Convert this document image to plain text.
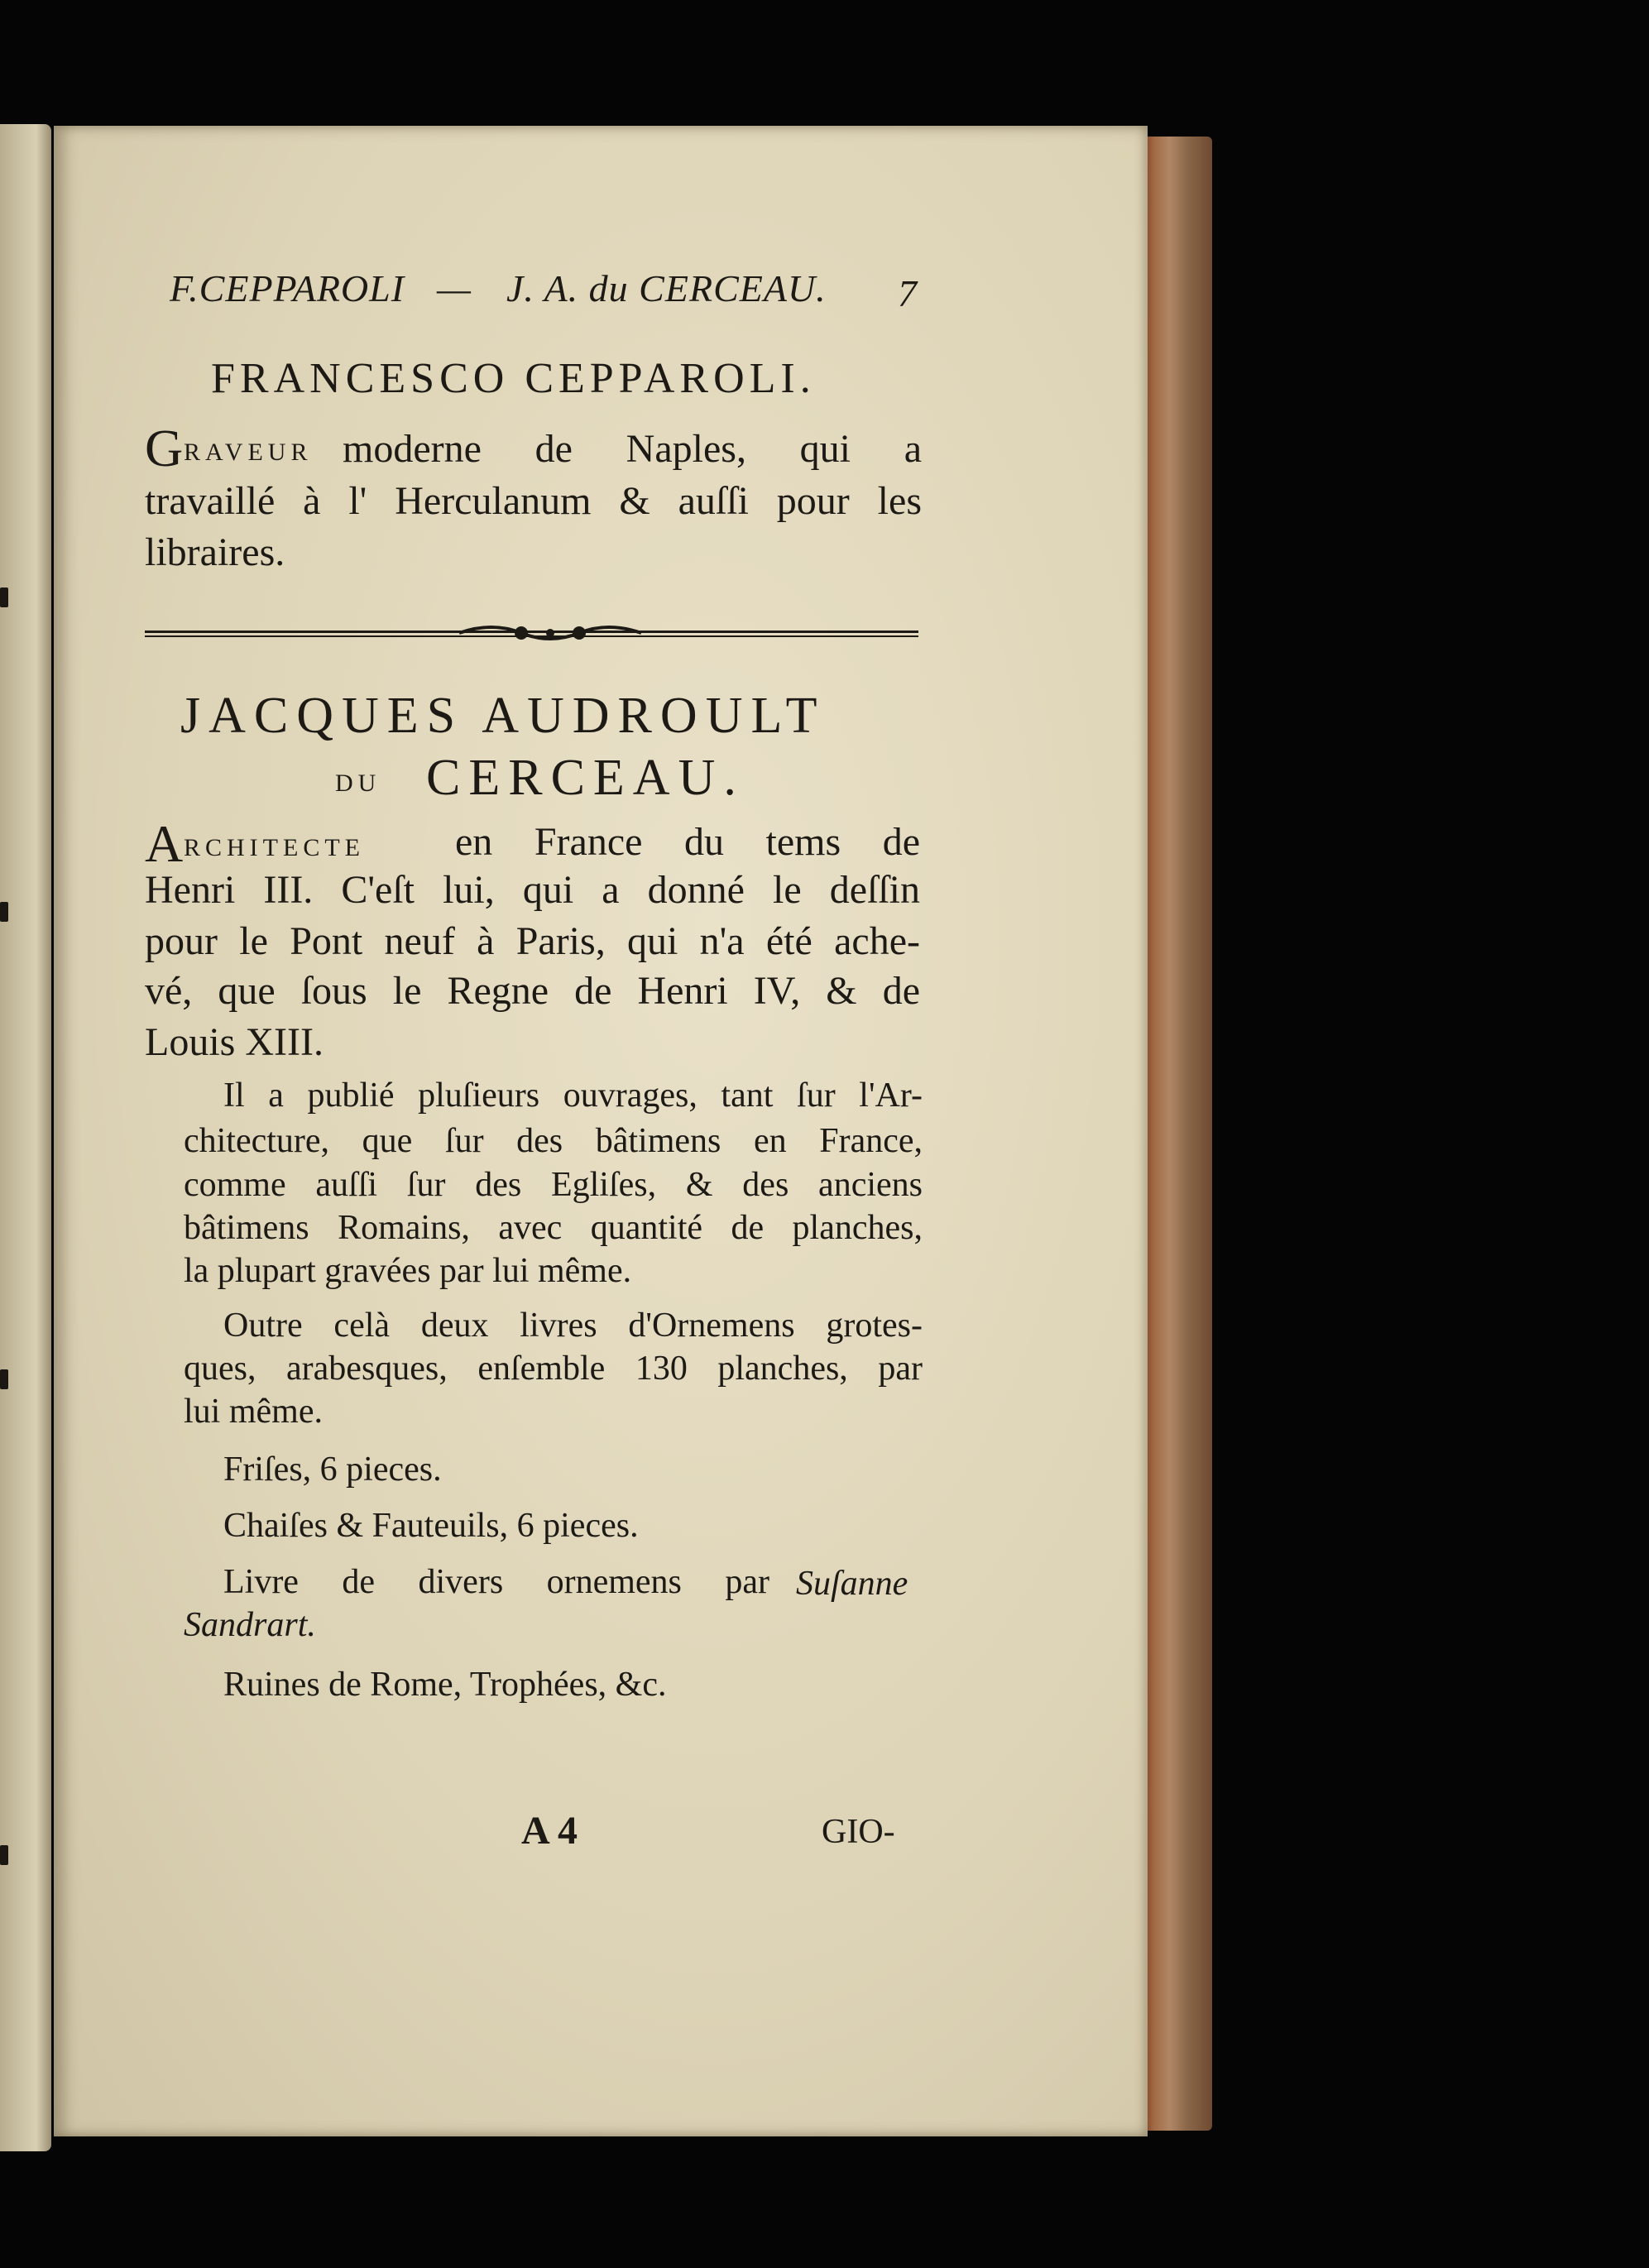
F.CEPPAROLI — J. A. du CERCEAU. 7
FRANCESCO CEPPAROLI.
G RAVEUR moderne de Naples, qui a
travaillé à l' Herculanum & auſſi pour les
libraires.
JACQUES AUDROULT
DU CERCEAU.
A RCHITECTE en France du tems de
Henri III. C'eſt lui, qui a donné le deſſin
pour le Pont neuf à Paris, qui n'a été ache-
vé, que ſous le Regne de Henri IV, & de
Louis XIII.
Il a publié pluſieurs ouvrages, tant ſur l'Ar-
chitecture, que ſur des bâtimens en France,
comme auſſi ſur des Egliſes, & des anciens
bâtimens Romains, avec quantité de planches,
la plupart gravées par lui même.
Outre celà deux livres d'Ornemens grotes-
ques, arabesques, enſemble 130 planches, par
lui même.
Friſes, 6 pieces.
Chaiſes & Fauteuils, 6 pieces.
Livre de divers ornemens par Suſanne
Sandrart.
Ruines de Rome, Trophées, &c.
A 4	GIO-
